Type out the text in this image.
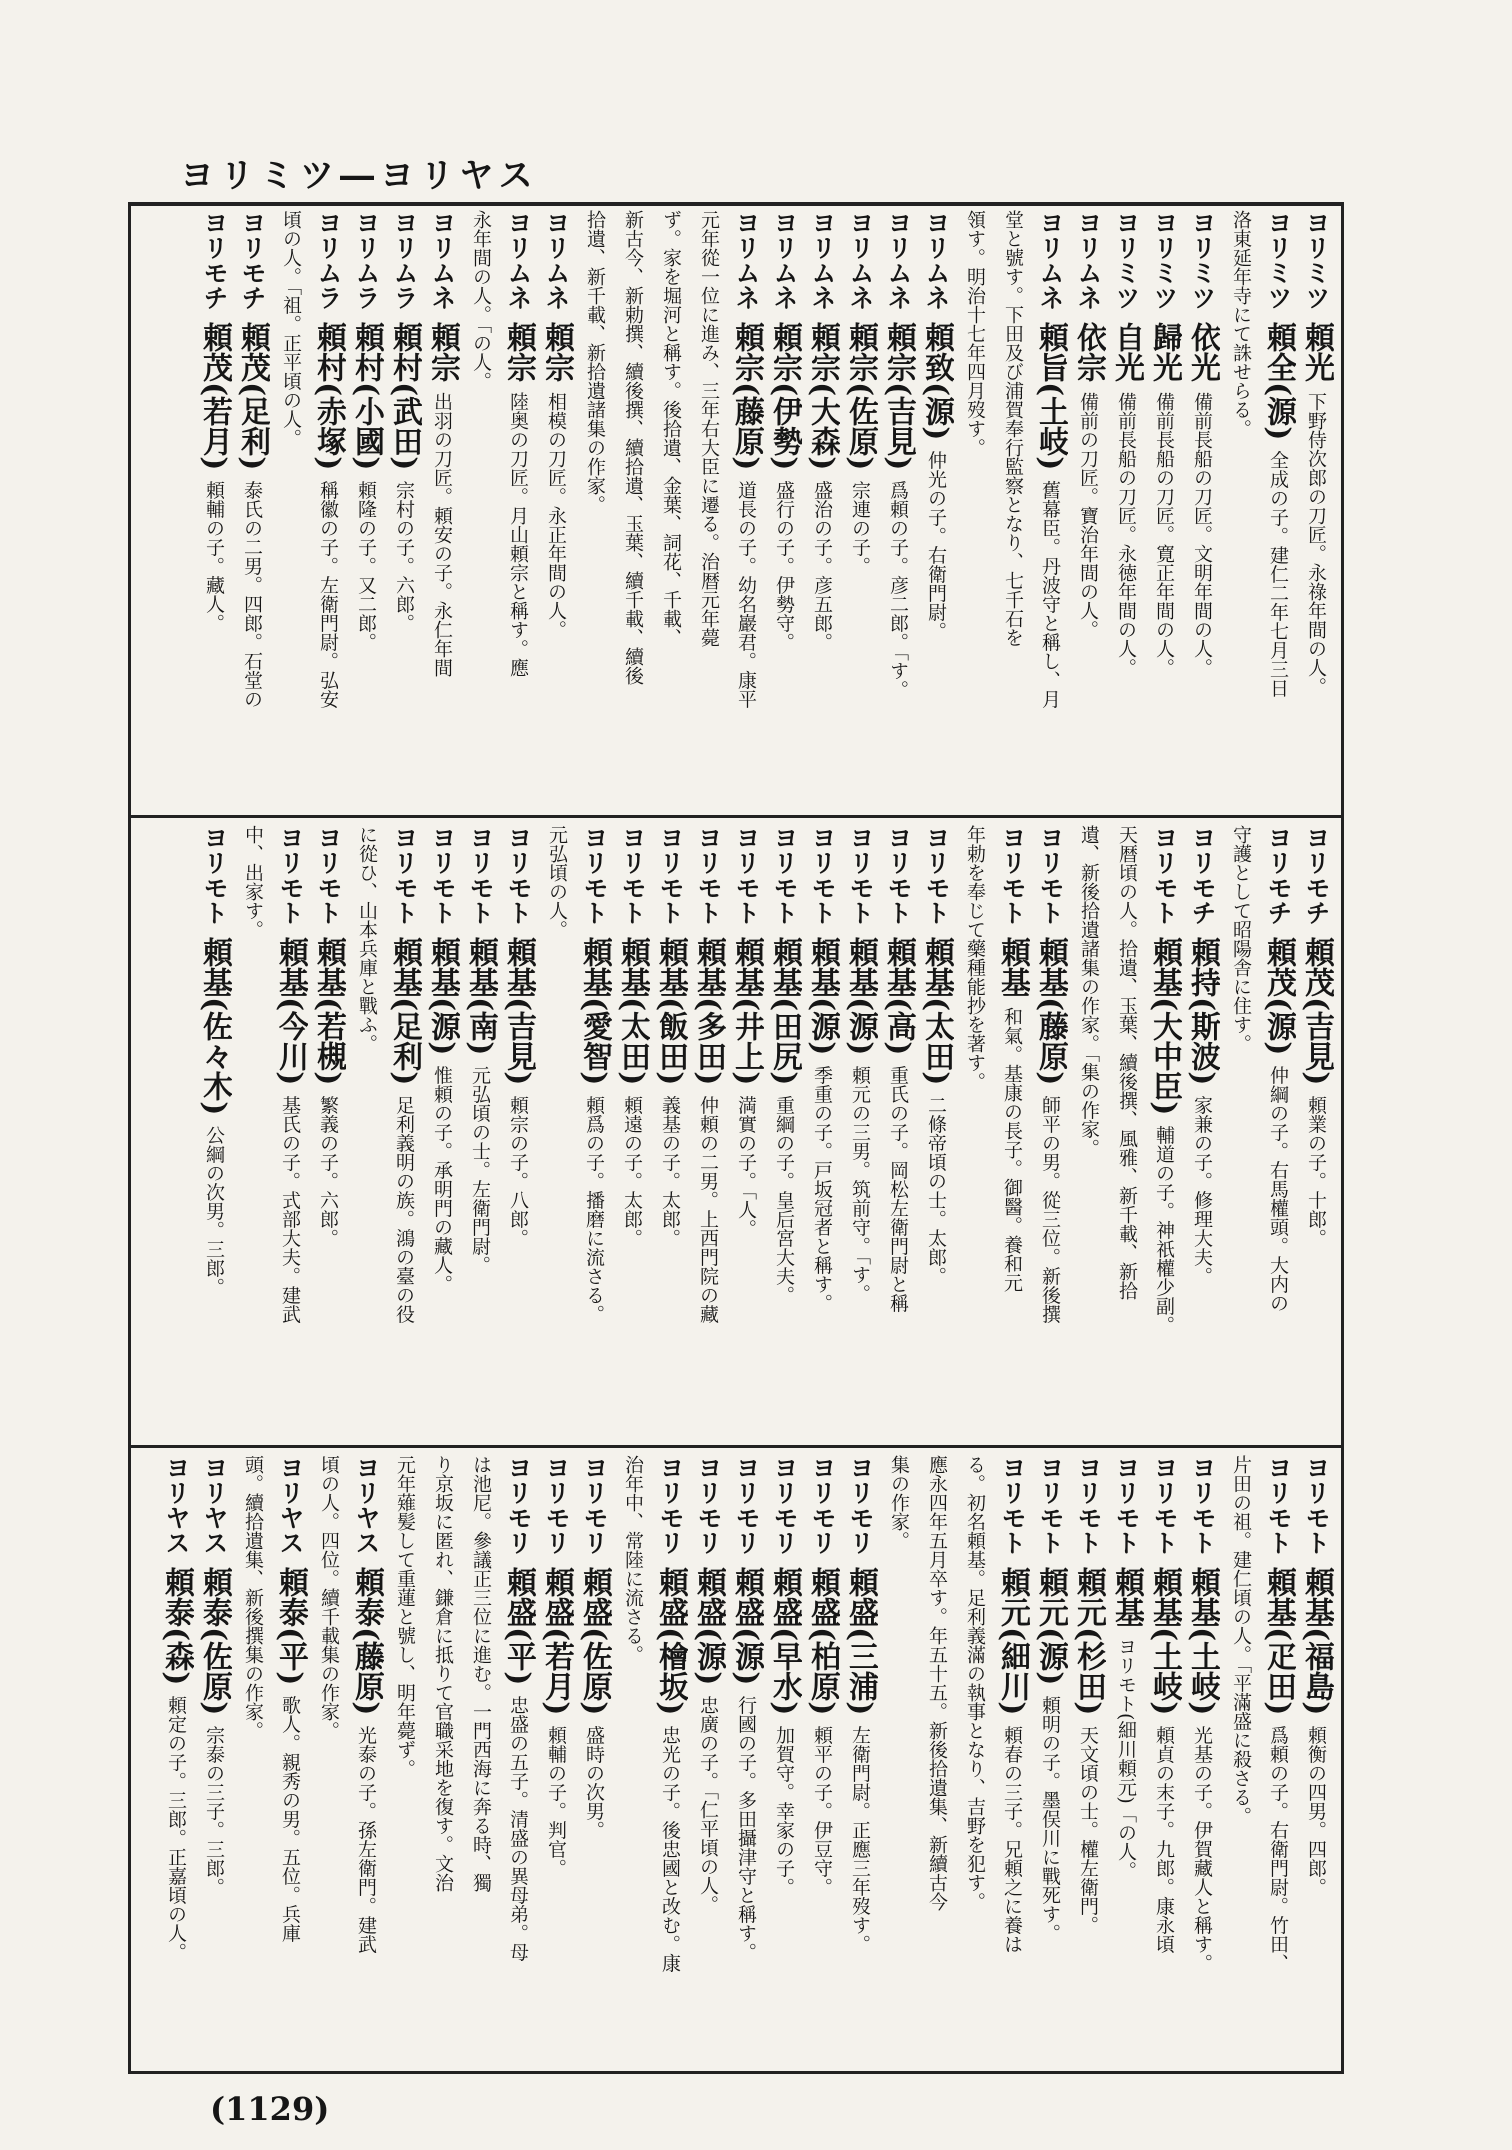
ヨリミツ―ヨリヤス
ヨリミツ頼光下野侍次郎の刀匠。永祿年間の人。
ヨリミツ頼全(源)全成の子。建仁二年七月三日
洛東延年寺にて誅せらる。
ヨリミツ依光備前長船の刀匠。文明年間の人。
ヨリミツ歸光備前長船の刀匠。寛正年間の人。
ヨリミツ自光備前長船の刀匠。永徳年間の人。
ヨリムネ依宗備前の刀匠。寶治年間の人。
ヨリムネ頼旨(土岐)舊幕臣。丹波守と稱し、月
堂と號す。下田及び浦賀奉行監察となり、七千石を
領す。明治十七年四月歿す。
ヨリムネ頼致(源)仲光の子。右衛門尉。
ヨリムネ頼宗(吉見)爲頼の子。彦二郎。「す。
ヨリムネ頼宗(佐原)宗連の子。
ヨリムネ頼宗(大森)盛治の子。彦五郎。
ヨリムネ頼宗(伊勢)盛行の子。伊勢守。
ヨリムネ頼宗(藤原)道長の子。幼名巖君。康平
元年從一位に進み、三年右大臣に遷る。治暦元年薨
ず。家を堀河と稱す。後拾遺、金葉、詞花、千載、
新古今、新勅撰、續後撰、續拾遺、玉葉、續千載、續後
拾遺、新千載、新拾遺諸集の作家。
ヨリムネ頼宗相模の刀匠。永正年間の人。
ヨリムネ頼宗陸奥の刀匠。月山頼宗と稱す。應
永年間の人。「の人。
ヨリムネ頼宗出羽の刀匠。頼安の子。永仁年間
ヨリムラ頼村(武田)宗村の子。六郎。
ヨリムラ頼村(小國)頼隆の子。又二郎。
ヨリムラ頼村(赤塚)稱徽の子。左衛門尉。弘安
頃の人。「祖。正平頃の人。
ヨリモチ頼茂(足利)泰氏の二男。四郎。石堂の
ヨリモチ頼茂(若月)頼輔の子。藏人。
ヨリモチ頼茂(吉見)頼業の子。十郎。
ヨリモチ頼茂(源)仲綱の子。右馬權頭。大内の
守護として昭陽舎に住す。
ヨリモチ頼持(斯波)家兼の子。修理大夫。
ヨリモト頼基(大中臣)輔道の子。神祇權少副。
天暦頃の人。拾遺、玉葉、續後撰、風雅、新千載、新拾
遺、新後拾遺諸集の作家。「集の作家。
ヨリモト頼基(藤原)師平の男。從三位。新後撰
ヨリモト頼基和氣。基康の長子。御醫。養和元
年勅を奉じて藥種能抄を著す。
ヨリモト頼基(太田)二條帝頃の士。太郎。
ヨリモト頼基(高)重氏の子。岡松左衛門尉と稱
ヨリモト頼基(源)頼元の三男。筑前守。「す。
ヨリモト頼基(源)季重の子。戸坂冠者と稱す。
ヨリモト頼基(田尻)重綱の子。皇后宮大夫。
ヨリモト頼基(井上)満實の子。「人。
ヨリモト頼基(多田)仲頼の二男。上西門院の藏
ヨリモト頼基(飯田)義基の子。太郎。
ヨリモト頼基(太田)頼遠の子。太郎。
ヨリモト頼基(愛智)頼爲の子。播磨に流さる。
元弘頃の人。
ヨリモト頼基(吉見)頼宗の子。八郎。
ヨリモト頼基(南)元弘頃の士。左衛門尉。
ヨリモト頼基(源)惟頼の子。承明門の藏人。
ヨリモト頼基(足利)足利義明の族。鴻の臺の役
に從ひ、山本兵庫と戰ふ。
ヨリモト頼基(若槻)繁義の子。六郎。
ヨリモト頼基(今川)基氏の子。式部大夫。建武
中、出家す。
ヨリモト頼基(佐々木)公綱の次男。三郎。
ヨリモト頼基(福島)頼衡の四男。四郎。
ヨリモト頼基(疋田)爲頼の子。右衛門尉。竹田、
片田の祖。建仁頃の人。「平滿盛に殺さる。
ヨリモト頼基(土岐)光基の子。伊賀藏人と稱す。
ヨリモト頼基(土岐)頼貞の末子。九郎。康永頃
ヨリモト頼基ヨリモト(細川頼元)「の人。
ヨリモト頼元(杉田)天文頃の士。權左衛門。
ヨリモト頼元(源)頼明の子。墨俣川に戰死す。
ヨリモト頼元(細川)頼春の三子。兄頼之に養は
る。初名頼基。足利義滿の執事となり、吉野を犯す。
應永四年五月卒す。年五十五。新後拾遺集、新續古今
集の作家。
ヨリモリ頼盛(三浦)左衛門尉。正應三年歿す。
ヨリモリ頼盛(柏原)頼平の子。伊豆守。
ヨリモリ頼盛(早水)加賀守。幸家の子。
ヨリモリ頼盛(源)行國の子。多田攝津守と稱す。
ヨリモリ頼盛(源)忠廣の子。「仁平頃の人。
ヨリモリ頼盛(檜坂)忠光の子。後忠國と改む。康
治年中、常陸に流さる。
ヨリモリ頼盛(佐原)盛時の次男。
ヨリモリ頼盛(若月)頼輔の子。判官。
ヨリモリ頼盛(平)忠盛の五子。清盛の異母弟。母
は池尼。參議正三位に進む。一門西海に奔る時、獨
り京坂に匿れ、鎌倉に抵りて官職采地を復す。文治
元年薙髪して重蓮と號し、明年薨ず。
ヨリヤス頼泰(藤原)光泰の子。孫左衛門。建武
頃の人。四位。續千載集の作家。
ヨリヤス頼泰(平)歌人。親秀の男。五位。兵庫
頭。續拾遺集、新後撰集の作家。
ヨリヤス頼泰(佐原)宗泰の三子。三郎。
ヨリヤス頼泰(森)頼定の子。三郎。正嘉頃の人。
(1129)
